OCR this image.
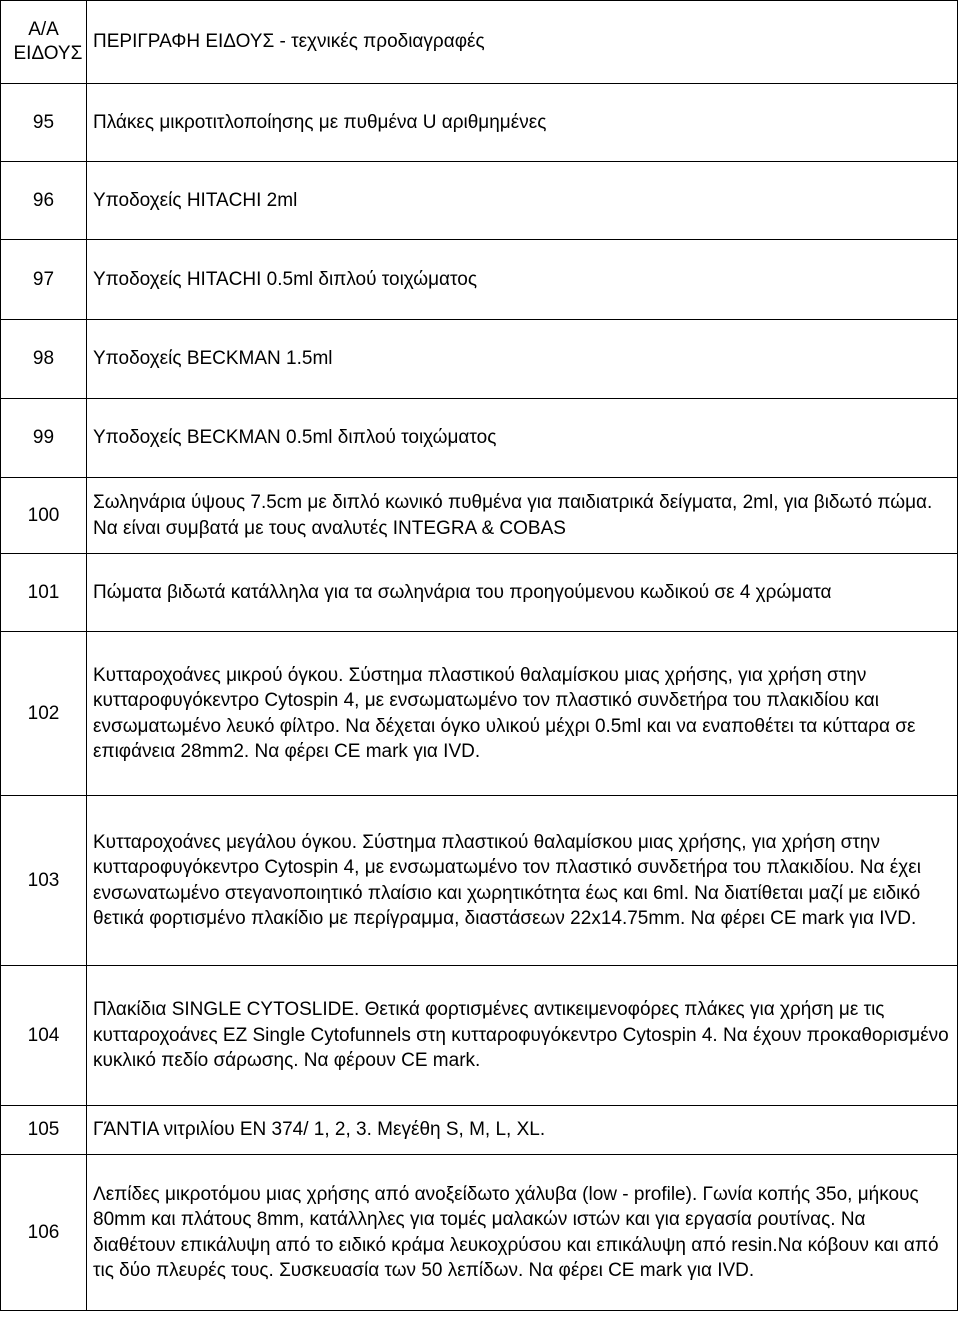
Α/Α ΕΙΔΟΥΣ	ΠΕΡΙΓΡΑΦΗ ΕΙΔΟΥΣ - τεχνικές προδιαγραφές

95	Πλάκες μικροτιτλοποίησης με πυθμένα U αριθμημένες
96	Υποδοχείς HITACHI 2ml
97	Υποδοχείς HITACHI 0.5ml διπλού τοιχώματος
98	Υποδοχείς BECKMAN 1.5ml
99	Υποδοχείς BECKMAN 0.5ml διπλού τοιχώματος
100	Σωληνάρια ύψους 7.5cm με διπλό κωνικό πυθμένα για παιδιατρικά δείγματα, 2ml, για βιδωτό πώμα. Να είναι συμβατά με τους αναλυτές INTEGRA & COBAS
101	Πώματα βιδωτά κατάλληλα για τα σωληνάρια του προηγούμενου κωδικού σε 4 χρώματα
102	Κυτταροχοάνες μικρού όγκου. Σύστημα πλαστικού θαλαμίσκου μιας χρήσης, για χρήση στην κυτταροφυγόκεντρο Cytospin 4, με ενσωματωμένο τον πλαστικό συνδετήρα του πλακιδίου και ενσωματωμένο λευκό φίλτρο. Να δέχεται όγκο υλικού μέχρι 0.5ml και να εναποθέτει τα κύτταρα σε επιφάνεια 28mm2. Να φέρει CE mark για IVD.
103	Κυτταροχοάνες μεγάλου όγκου. Σύστημα πλαστικού θαλαμίσκου μιας χρήσης, για χρήση στην κυτταροφυγόκεντρο Cytospin 4, με ενσωματωμένο τον πλαστικό συνδετήρα του πλακιδίου. Να έχει ενσωνατωμένο στεγανοποιητικό πλαίσιο και χωρητικότητα έως και 6ml. Να διατίθεται μαζί με ειδικό θετικά φορτισμένο πλακίδιο με περίγραμμα, διαστάσεων 22x14.75mm. Να φέρει CE mark για IVD.
104	Πλακίδια SINGLE CYTOSLIDE. Θετικά φορτισμένες αντικειμενοφόρες πλάκες για χρήση με τις κυτταροχοάνες EZ Single Cytofunnels στη κυτταροφυγόκεντρο Cytospin 4. Να έχουν προκαθορισμένο κυκλικό πεδίο σάρωσης. Να φέρουν CE mark.
105	ΓΆΝΤΙΑ νιτριλίου EN 374/ 1, 2, 3. Μεγέθη S, M, L, XL.
106	Λεπίδες μικροτόμου μιας χρήσης από ανοξείδωτο χάλυβα (low - profile). Γωνία κοπής 35ο, μήκους 80mm και πλάτους 8mm, κατάλληλες για τομές μαλακών ιστών και για εργασία ρουτίνας. Να διαθέτουν επικάλυψη από το ειδικό κράμα λευκοχρύσου και επικάλυψη από resin.Να κόβουν και από τις δύο πλευρές τους. Συσκευασία των 50 λεπίδων. Να φέρει CE mark για IVD.
